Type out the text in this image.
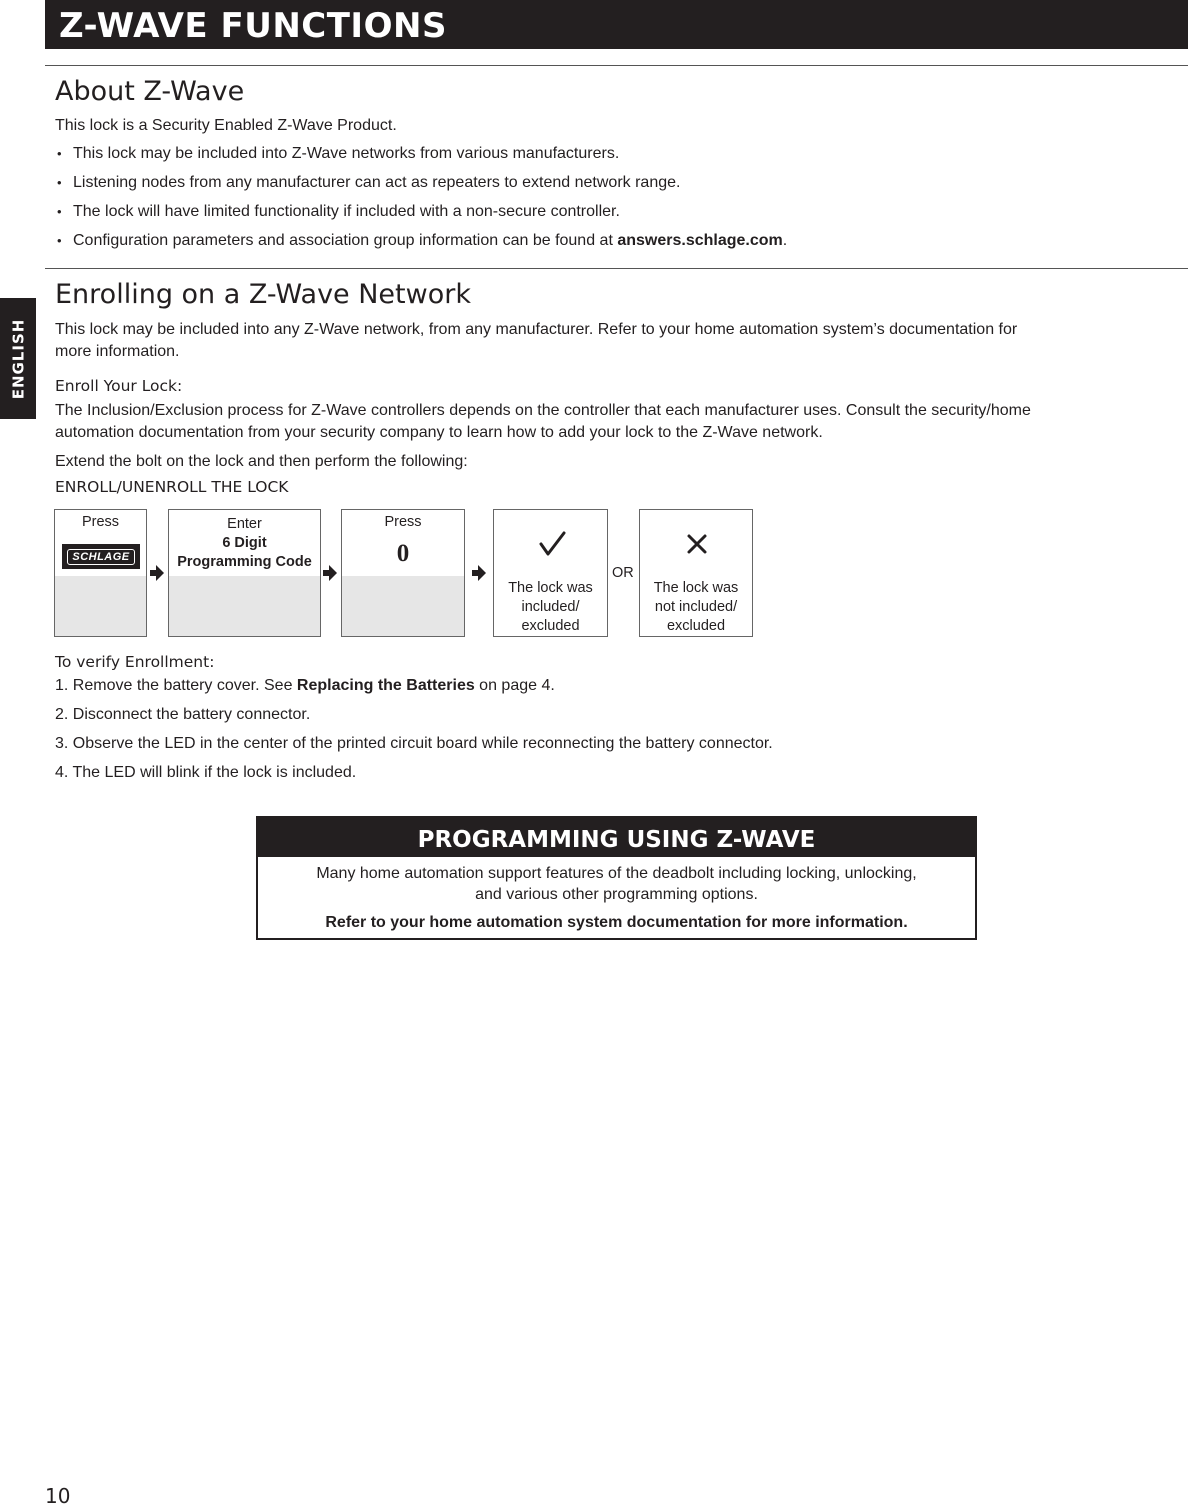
Z-WAVE FUNCTIONS
ENGLISH
About Z-Wave
This lock is a Security Enabled Z-Wave Product.
• This lock may be included into Z-Wave networks from various manufacturers.
• Listening nodes from any manufacturer can act as repeaters to extend network range.
• The lock will have limited functionality if included with a non-secure controller.
• Configuration parameters and association group information can be found at answers.schlage.com.
Enrolling on a Z-Wave Network
This lock may be included into any Z-Wave network, from any manufacturer. Refer to your home automation system’s documentation for
more information.
Enroll Your Lock:
The Inclusion/Exclusion process for Z-Wave controllers depends on the controller that each manufacturer uses. Consult the security/home
automation documentation from your security company to learn how to add your lock to the Z-Wave network.
Extend the bolt on the lock and then perform the following:
ENROLL/UNENROLL THE LOCK
Press
SCHLAGE
Enter
6 Digit
Programming Code
Press
0
The lock was
included/
excluded
OR
The lock was
not included/
excluded
To verify Enrollment:
1. Remove the battery cover. See Replacing the Batteries on page 4.
2. Disconnect the battery connector.
3. Observe the LED in the center of the printed circuit board while reconnecting the battery connector.
4. The LED will blink if the lock is included.
PROGRAMMING USING Z-WAVE
Many home automation support features of the deadbolt including locking, unlocking,
and various other programming options.
Refer to your home automation system documentation for more information.
10
